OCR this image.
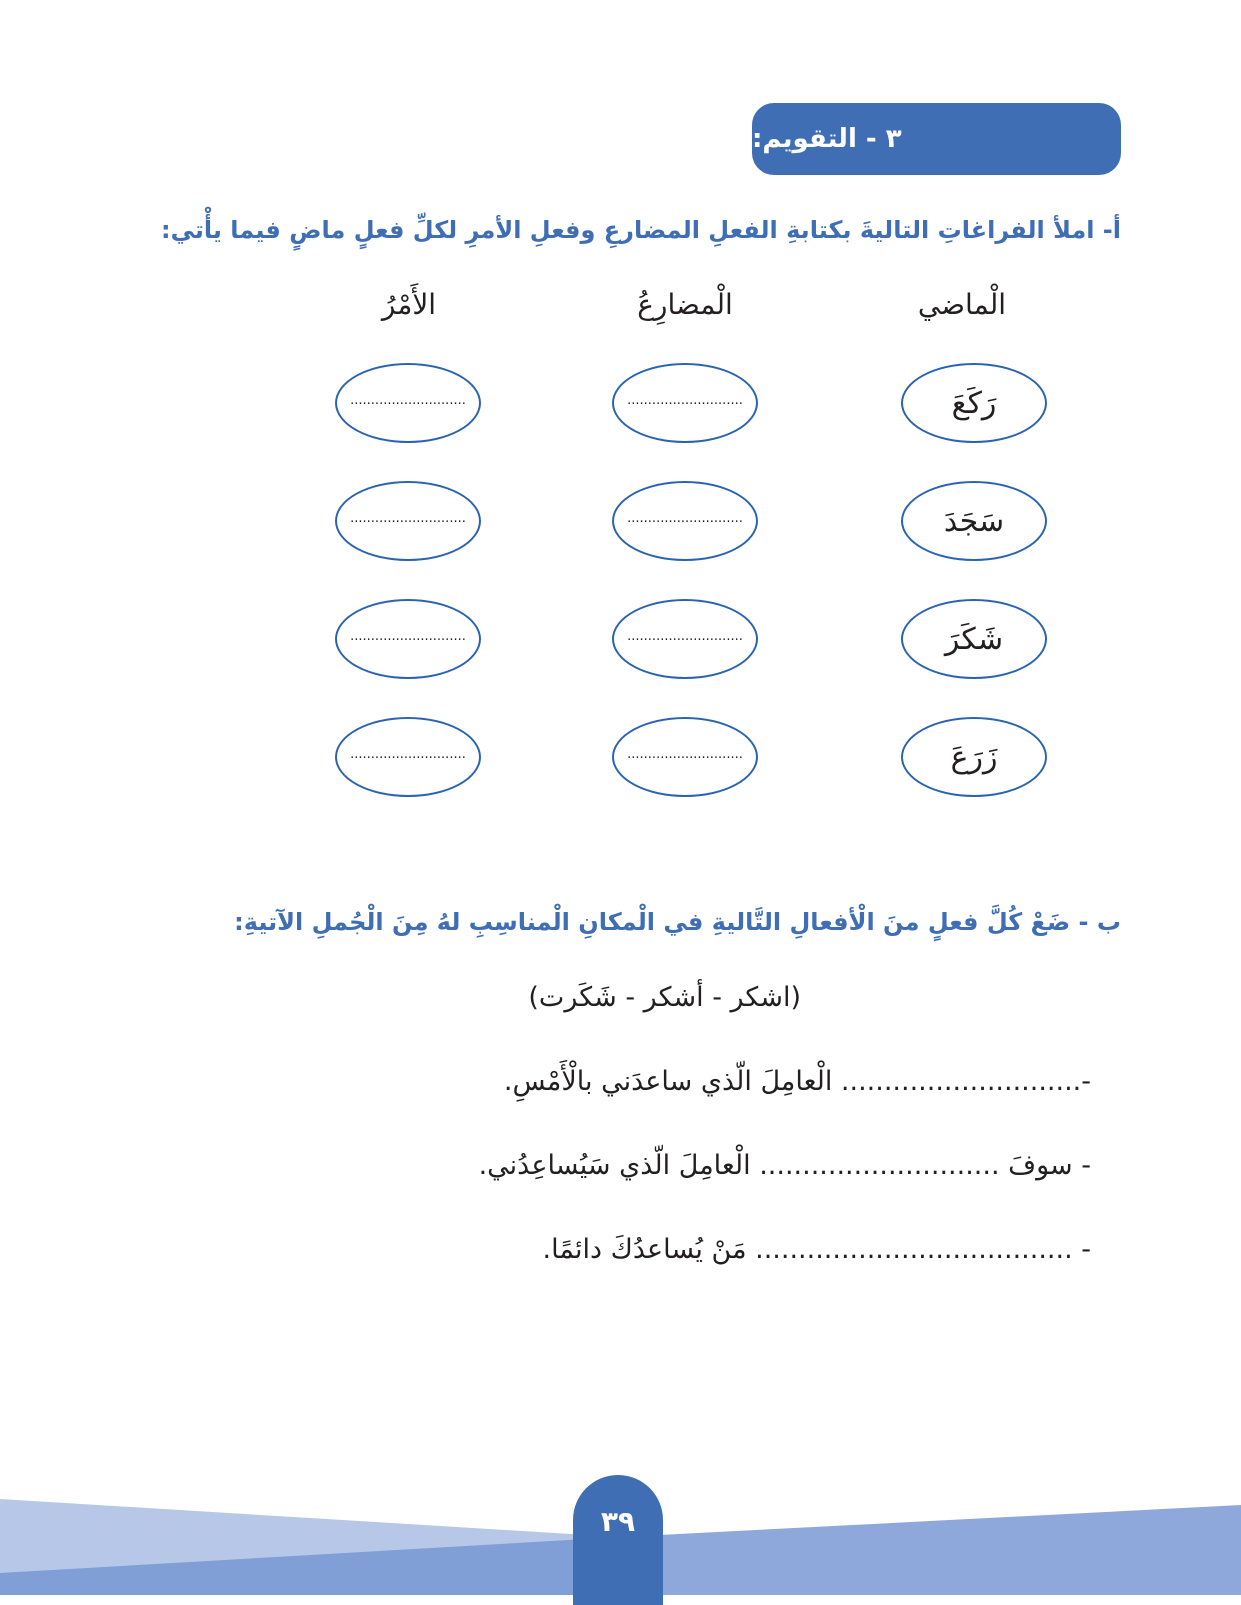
٣ - التقويم:
أ- املأ الفراغاتِ التاليةَ بكتابةِ الفعلِ المضارعِ وفعلِ الأمرِ لكلِّ فعلٍ ماضٍ فيما يأْتي:
الْماضي
الْمضارِعُ
الأَمْرُ
رَكَعَ
............................
............................
سَجَدَ
............................
............................
شَكَرَ
............................
............................
زَرَعَ
............................
............................
ب - ضَعْ كُلَّ فعلٍ منَ الْأفعالِ التَّاليةِ في الْمكانِ الْمناسِبِ لهُ مِنَ الْجُملِ الآتيةِ:
(اشكر - أشكر - شَكَرت)
-............................ الْعامِلَ الّذي ساعدَني بالْأَمْسِ.
- سوفَ ............................ الْعامِلَ الّذي سَيُساعِدُني.
- ..................................... مَنْ يُساعدُكَ دائمًا.
٣٩
